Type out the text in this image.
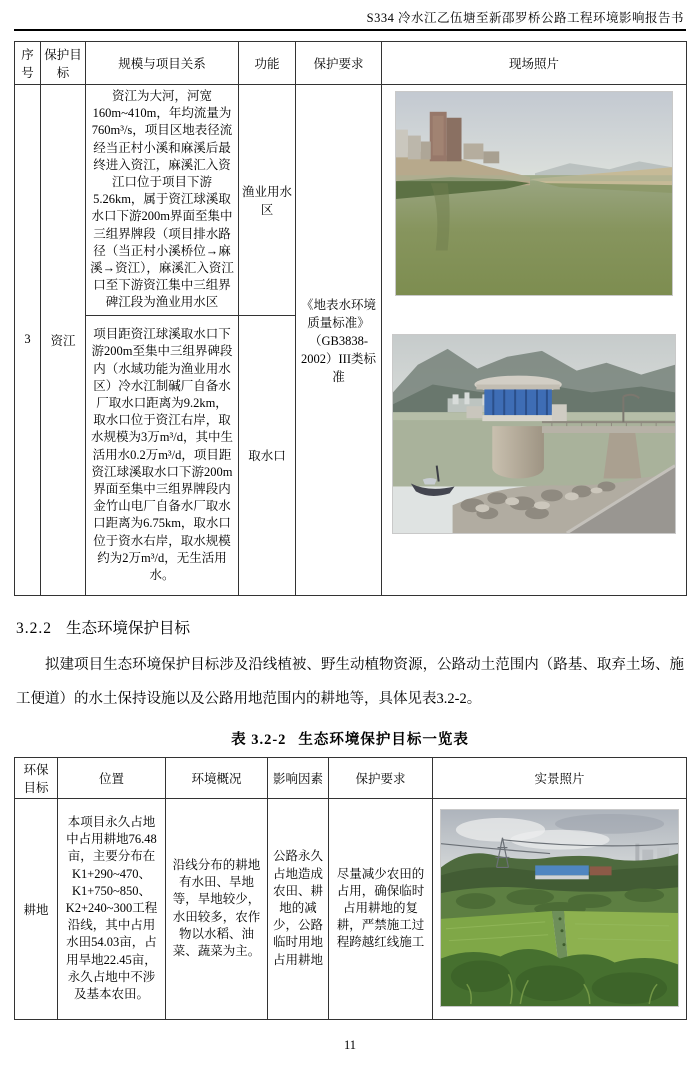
S334 冷水江乙伍塘至新邵罗桥公路工程环境影响报告书
序号	保护目标	规模与项目关系	功能	保护要求	现场照片
3	资江	资江为大河，河宽160m~410m，年均流量为760m³/s，项目区地表径流经当正村小溪和麻溪后最终进入资江，麻溪汇入资江口位于项目下游5.26km，属于资江球溪取水口下游200m界面至集中三组界牌段（项目排水路径（当正村小溪桥位→麻溪→资江），麻溪汇入资江口至下游资江集中三组界碑江段为渔业用水区	渔业用水区	《地表水环境质量标准》（GB3838-2002）III类标准	

		项目距资江球溪取水口下游200m至集中三组界碑段内（水域功能为渔业用水区）冷水江制碱厂自备水厂取水口距离为9.2km，取水口位于资江右岸，取水规模为3万m³/d，其中生活用水0.2万m³/d，项目距资江球溪取水口下游200m界面至集中三组界牌段内金竹山电厂自备水厂取水口距离为6.75km，取水口位于资水右岸，取水规模约为2万m³/d，无生活用水。	取水口		
3.2.2 生态环境保护目标

拟建项目生态环境保护目标涉及沿线植被、野生动植物资源，公路动土范围内（路基、取弃土场、施工便道）的水土保持设施以及公路用地范围内的耕地等，具体见表3.2‐2。

表 3.2‐2 生态环境保护目标一览表
环保目标	位置	环境概况	影响因素	保护要求	实景照片
耕地	本项目永久占地中占用耕地76.48亩，主要分布在K1+290~470、K1+750~850、K2+240~300工程沿线，其中占用水田54.03亩，占用旱地22.45亩，永久占地中不涉及基本农田。	沿线分布的耕地有水田、旱地等，旱地较少，水田较多，农作物以水稻、油菜、蔬菜为主。	公路永久占地造成农田、耕地的减少，公路临时用地占用耕地	尽量减少农田的占用，确保临时占用耕地的复耕，严禁施工过程跨越红线施工	
11
